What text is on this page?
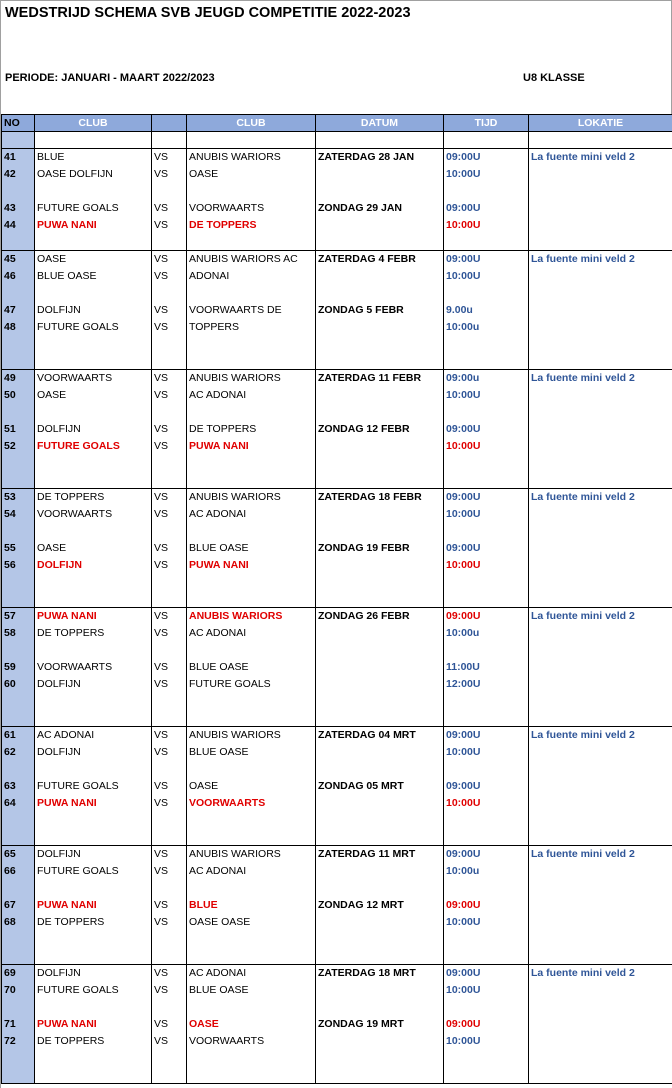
WEDSTRIJD SCHEMA SVB JEUGD COMPETITIE 2022-2023
PERIODE: JANUARI - MAART 2022/2023	U8 KLASSE
NO	CLUB		CLUB	DATUM	TIJD	LOKATIE

41	BLUE	VS	ANUBIS WARIORS	ZATERDAG 28 JAN	09:00U	La fuente mini veld 2
42	OASE DOLFIJN	VS	OASE		10:00U	

43	FUTURE GOALS	VS	VOORWAARTS	ZONDAG 29 JAN	09:00U	
44	PUWA NANI	VS	DE TOPPERS		10:00U	

45	OASE	VS	ANUBIS WARIORS AC	ZATERDAG 4 FEBR	09:00U	La fuente mini veld 2
46	BLUE OASE	VS	ADONAI		10:00U	

47	DOLFIJN	VS	VOORWAARTS DE	ZONDAG 5 FEBR	9.00u	
48	FUTURE GOALS	VS	TOPPERS		10:00u	

49	VOORWAARTS	VS	ANUBIS WARIORS	ZATERDAG 11 FEBR	09:00u	La fuente mini veld 2
50	OASE	VS	AC ADONAI		10:00U	

51	DOLFIJN	VS	DE TOPPERS	ZONDAG 12 FEBR	09:00U	
52	FUTURE GOALS	VS	PUWA NANI		10:00U	

53	DE TOPPERS	VS	ANUBIS WARIORS	ZATERDAG 18 FEBR	09:00U	La fuente mini veld 2
54	VOORWAARTS	VS	AC ADONAI		10:00U	

55	OASE	VS	BLUE OASE	ZONDAG 19 FEBR	09:00U	
56	DOLFIJN	VS	PUWA NANI		10:00U	

57	PUWA NANI	VS	ANUBIS WARIORS	ZONDAG 26 FEBR	09:00U	La fuente mini veld 2
58	DE TOPPERS	VS	AC ADONAI		10:00u	

59	VOORWAARTS	VS	BLUE OASE		11:00U	
60	DOLFIJN	VS	FUTURE GOALS		12:00U	

61	AC ADONAI	VS	ANUBIS WARIORS	ZATERDAG 04 MRT	09:00U	La fuente mini veld 2
62	DOLFIJN	VS	BLUE OASE		10:00U	

63	FUTURE GOALS	VS	OASE	ZONDAG 05 MRT	09:00U	
64	PUWA NANI	VS	VOORWAARTS		10:00U	

65	DOLFIJN	VS	ANUBIS WARIORS	ZATERDAG 11 MRT	09:00U	La fuente mini veld 2
66	FUTURE GOALS	VS	AC ADONAI		10:00u	

67	PUWA NANI	VS	BLUE	ZONDAG 12 MRT	09:00U	
68	DE TOPPERS	VS	OASE OASE		10:00U	

69	DOLFIJN	VS	AC ADONAI	ZATERDAG 18 MRT	09:00U	La fuente mini veld 2
70	FUTURE GOALS	VS	BLUE OASE		10:00U	

71	PUWA NANI	VS	OASE	ZONDAG 19 MRT	09:00U	
72	DE TOPPERS	VS	VOORWAARTS		10:00U	
